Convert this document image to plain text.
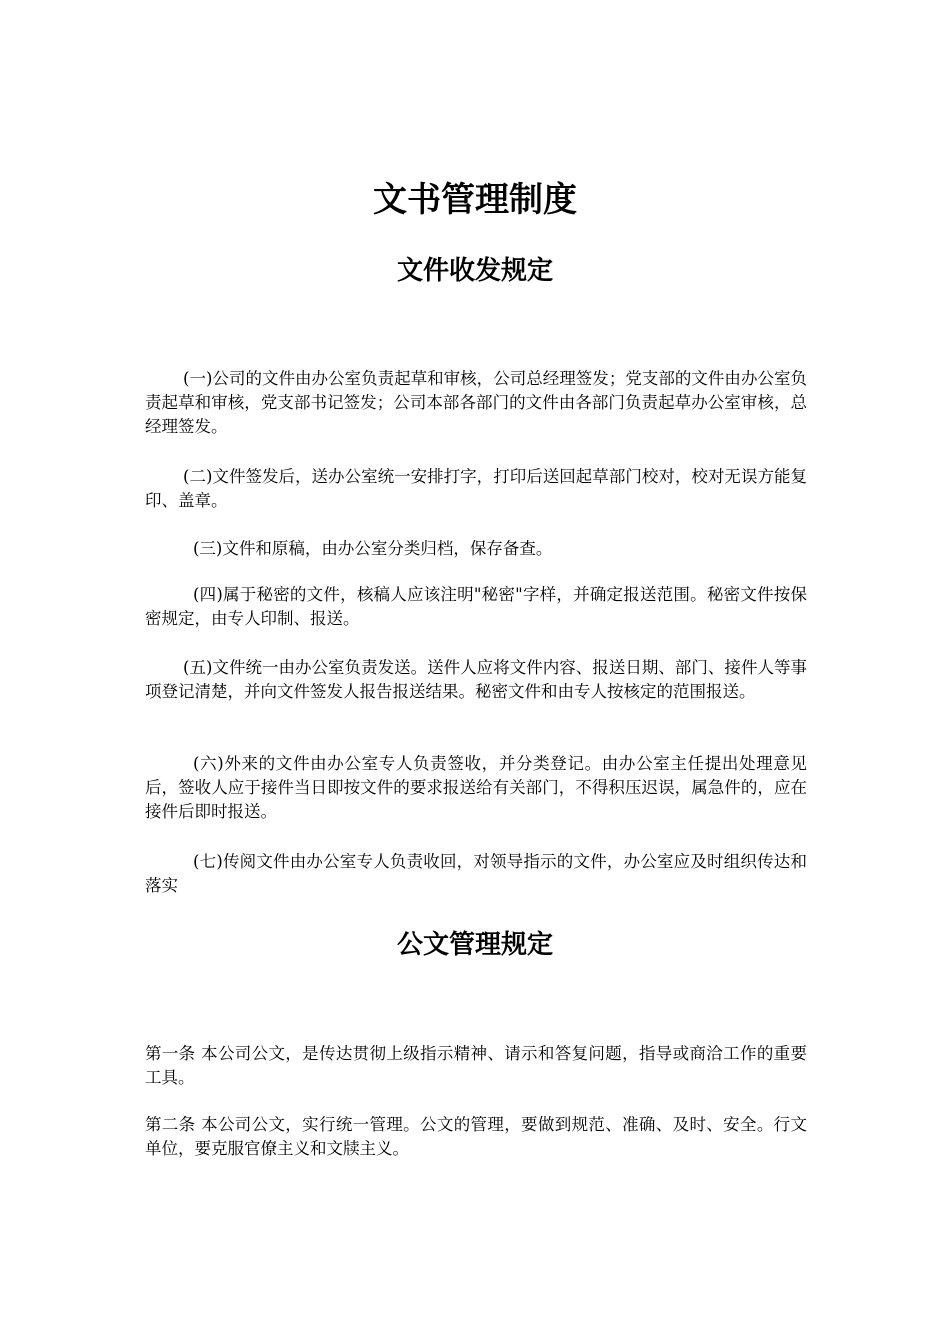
文书管理制度
文件收发规定

(一)公司的文件由办公室负责起草和审核，公司总经理签发；党支部的文件由办公室负责起草和审核，党支部书记签发；公司本部各部门的文件由各部门负责起草办公室审核，总经理签发。

(二)文件签发后，送办公室统一安排打字，打印后送回起草部门校对，校对无误方能复印、盖章。

(三)文件和原稿，由办公室分类归档，保存备查。

(四)属于秘密的文件，核稿人应该注明"秘密"字样，并确定报送范围。秘密文件按保密规定，由专人印制、报送。

(五)文件统一由办公室负责发送。送件人应将文件内容、报送日期、部门、接件人等事项登记清楚，并向文件签发人报告报送结果。秘密文件和由专人按核定的范围报送。

(六)外来的文件由办公室专人负责签收，并分类登记。由办公室主任提出处理意见后，签收人应于接件当日即按文件的要求报送给有关部门，不得积压迟误，属急件的，应在接件后即时报送。

(七)传阅文件由办公室专人负责收回，对领导指示的文件，办公室应及时组织传达和落实

公文管理规定

第一条 本公司公文，是传达贯彻上级指示精神、请示和答复问题，指导或商洽工作的重要工具。

第二条 本公司公文，实行统一管理。公文的管理，要做到规范、准确、及时、安全。行文单位，要克服官僚主义和文牍主义。
